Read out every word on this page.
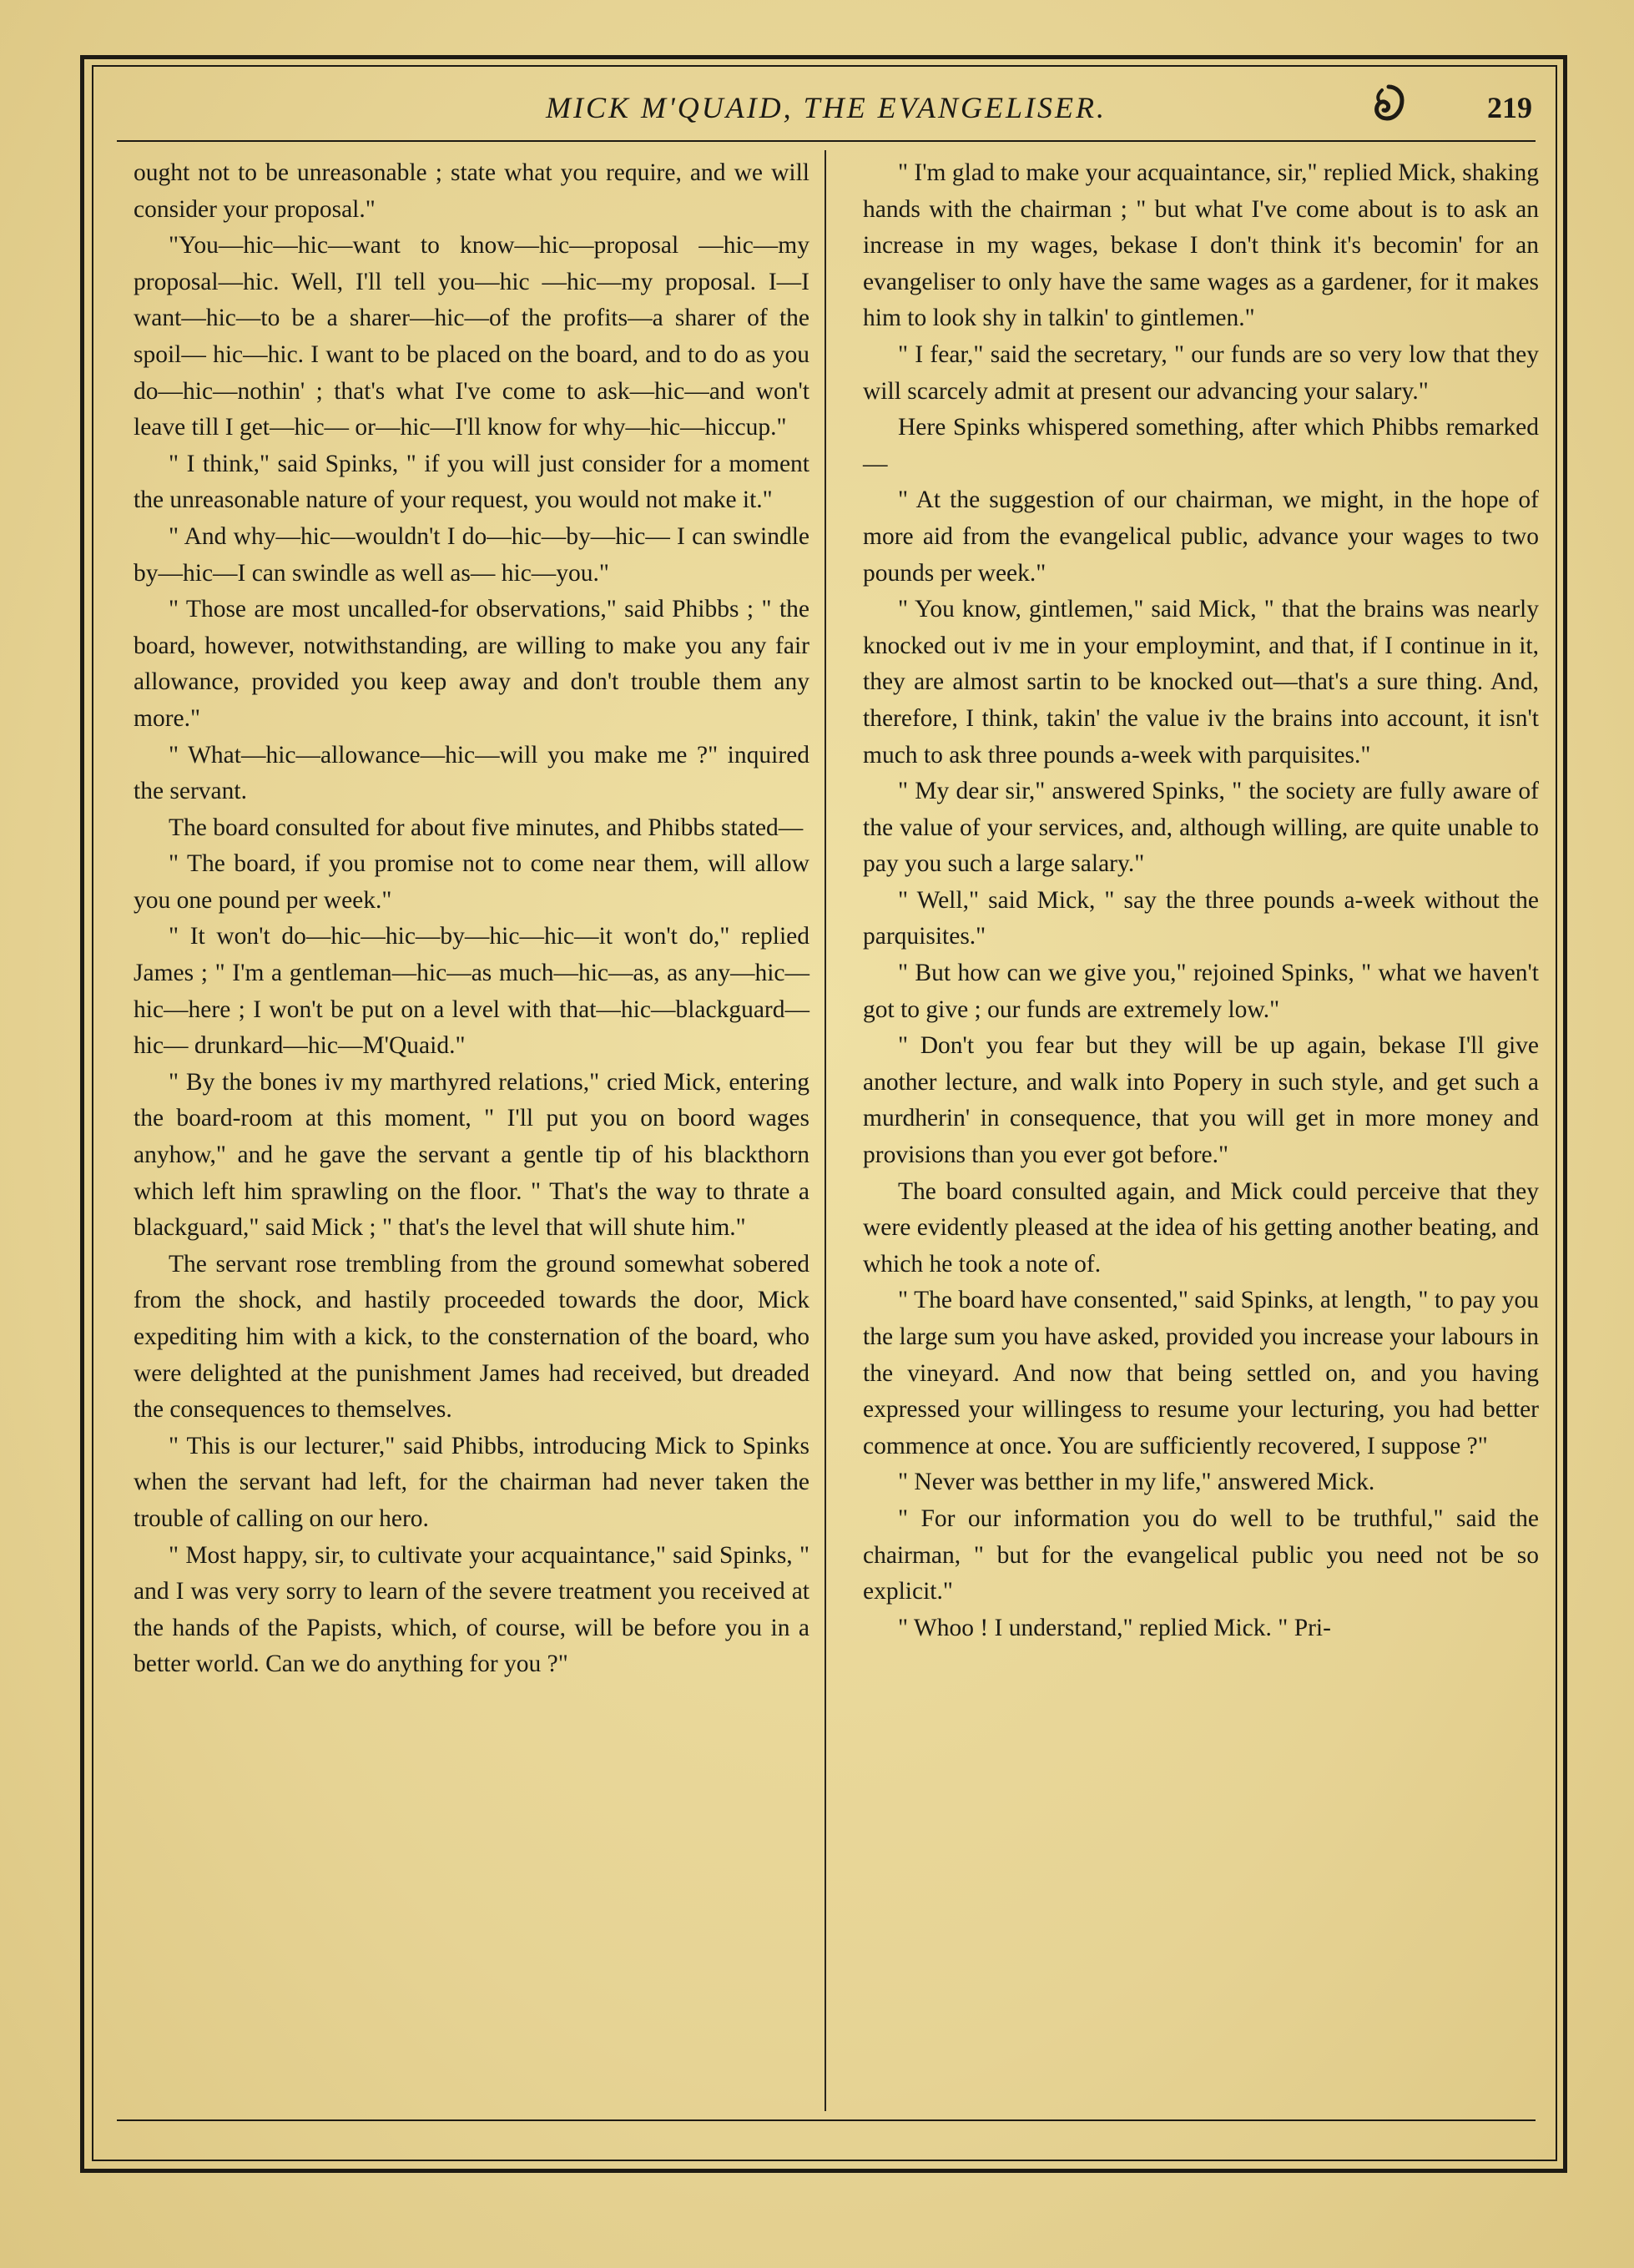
MICK M'QUAID, THE EVANGELISER.	219

ought not to be unreasonable ; state what you require, and we will consider your proposal."

"You—hic—hic—want to know—hic—proposal —hic—my proposal—hic. Well, I'll tell you—hic —hic—my proposal. I—I want—hic—to be a sharer—hic—of the profits—a sharer of the spoil— hic—hic. I want to be placed on the board, and to do as you do—hic—nothin' ; that's what I've come to ask—hic—and won't leave till I get—hic— or—hic—I'll know for why—hic—hiccup."

" I think," said Spinks, " if you will just consider for a moment the unreasonable nature of your request, you would not make it."

" And why—hic—wouldn't I do—hic—by—hic— I can swindle by—hic—I can swindle as well as— hic—you."

" Those are most uncalled-for observations," said Phibbs ; " the board, however, notwithstanding, are willing to make you any fair allowance, provided you keep away and don't trouble them any more."

" What—hic—allowance—hic—will you make me ?" inquired the servant.

The board consulted for about five minutes, and Phibbs stated—

" The board, if you promise not to come near them, will allow you one pound per week."

" It won't do—hic—hic—by—hic—hic—it won't do," replied James ; " I'm a gentleman—hic—as much—hic—as, as any—hic— hic—here ; I won't be put on a level with that—hic—blackguard—hic— drunkard—hic—M'Quaid."

" By the bones iv my marthyred relations," cried Mick, entering the board-room at this moment, " I'll put you on boord wages anyhow," and he gave the servant a gentle tip of his blackthorn which left him sprawling on the floor. " That's the way to thrate a blackguard," said Mick ; " that's the level that will shute him."

The servant rose trembling from the ground somewhat sobered from the shock, and hastily proceeded towards the door, Mick expediting him with a kick, to the consternation of the board, who were delighted at the punishment James had received, but dreaded the consequences to themselves.

" This is our lecturer," said Phibbs, introducing Mick to Spinks when the servant had left, for the chairman had never taken the trouble of calling on our hero.

" Most happy, sir, to cultivate your acquaintance," said Spinks, " and I was very sorry to learn of the severe treatment you received at the hands of the Papists, which, of course, will be before you in a better world. Can we do anything for you ?"

" I'm glad to make your acquaintance, sir," replied Mick, shaking hands with the chairman ; " but what I've come about is to ask an increase in my wages, bekase I don't think it's becomin' for an evangeliser to only have the same wages as a gardener, for it makes him to look shy in talkin' to gintlemen."

" I fear," said the secretary, " our funds are so very low that they will scarcely admit at present our advancing your salary."

Here Spinks whispered something, after which Phibbs remarked—

" At the suggestion of our chairman, we might, in the hope of more aid from the evangelical public, advance your wages to two pounds per week."

" You know, gintlemen," said Mick, " that the brains was nearly knocked out iv me in your employmint, and that, if I continue in it, they are almost sartin to be knocked out—that's a sure thing. And, therefore, I think, takin' the value iv the brains into account, it isn't much to ask three pounds a-week with parquisites."

" My dear sir," answered Spinks, " the society are fully aware of the value of your services, and, although willing, are quite unable to pay you such a large salary."

" Well," said Mick, " say the three pounds a-week without the parquisites."

" But how can we give you," rejoined Spinks, " what we haven't got to give ; our funds are extremely low."

" Don't you fear but they will be up again, bekase I'll give another lecture, and walk into Popery in such style, and get such a murdherin' in consequence, that you will get in more money and provisions than you ever got before."

The board consulted again, and Mick could perceive that they were evidently pleased at the idea of his getting another beating, and which he took a note of.

" The board have consented," said Spinks, at length, " to pay you the large sum you have asked, provided you increase your labours in the vineyard. And now that being settled on, and you having expressed your willingess to resume your lecturing, you had better commence at once. You are sufficiently recovered, I suppose ?"

" Never was betther in my life," answered Mick.

" For our information you do well to be truthful," said the chairman, " but for the evangelical public you need not be so explicit."

" Whoo ! I understand," replied Mick. " Pri-
